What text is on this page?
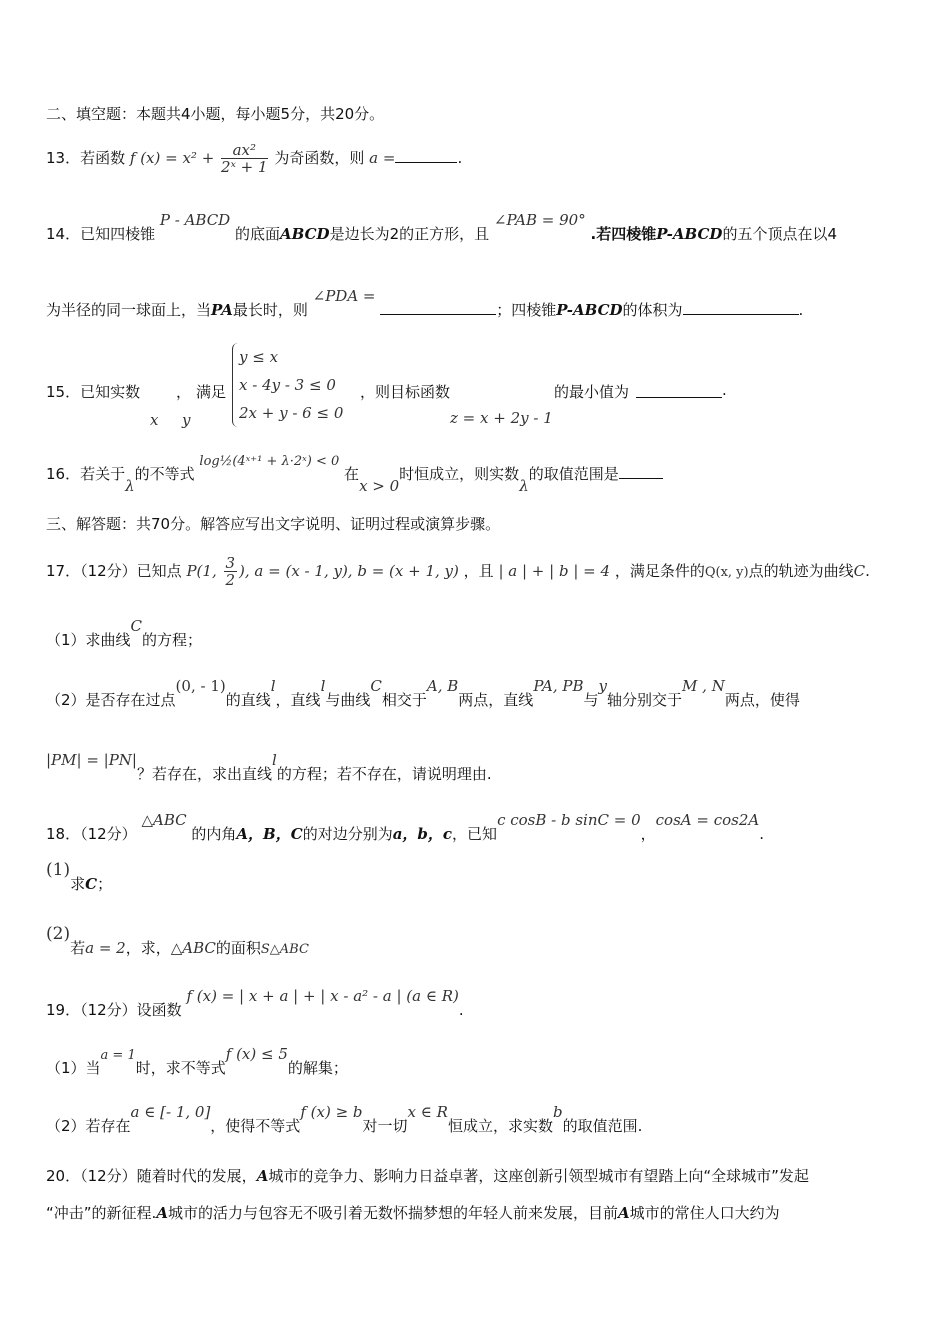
二、填空题：本题共4小题，每小题5分，共20分。
13．若函数 f $(x) = x^2 + \frac{\text{ax²}}{\text{2ˣ + 1}}$ 为奇函数，则 a =	.
14．已知四棱锥 P - ABCD 的底面ABCD是边长为2的正方形，且 ∠PAB = 90° .若四棱锥P-ABCD的五个顶点在以4
为半径的同一球面上，当PA最长时，则 ∠PDA = ；四棱锥P-ABCD的体积为	.
15．已知实数 ， 满足
x y
y ≤ x
x - 4y - 3 ≤ 0
2x + y - 6 ≤ 0
，则目标函数
z = x + 2y - 1
的最小值为	.
16．若关于λ的不等式 log½(4ˣ⁺¹ + λ·2ˣ) < 0 在x > 0时恒成立，则实数λ的取值范围是
三、解答题：共70分。解答应写出文字说明、证明过程或演算步骤。
17．（12分）已知点 P(1, $\frac{3}{2}$ ), a = (x - 1, y), b = (x + 1, y) ，且 | a | + | b | = 4 ，满足条件的Q(x, y)点的轨迹为曲线C.
（1）求曲线C的方程；
（2）是否存在过点(0, - 1)的直线l，直线l与曲线C相交于A, B两点，直线PA, PB与y轴分别交于M , N两点，使得
|PM| = |PN|？若存在，求出直线l的方程；若不存在，请说明理由.
18．（12分） △ABC 的内角A，B，C的对边分别为a，b，c，已知c cosB - b sinC = 0，cosA = cos2A.
(1)求C；
(2)若a = 2，求，△ABC的面积S△ABC
19．（12分）设函数 f (x) = | x + a | + | x - a² - a | (a ∈ R).
（1）当a = 1时，求不等式f (x) ≤ 5的解集；
（2）若存在a ∈ [- 1, 0]，使得不等式f (x) ≥ b对一切x ∈ R恒成立，求实数b的取值范围.
20．（12分）随着时代的发展，A城市的竞争力、影响力日益卓著，这座创新引领型城市有望踏上向“全球城市”发起
“冲击”的新征程.A城市的活力与包容无不吸引着无数怀揣梦想的年轻人前来发展，目前A城市的常住人口大约为
